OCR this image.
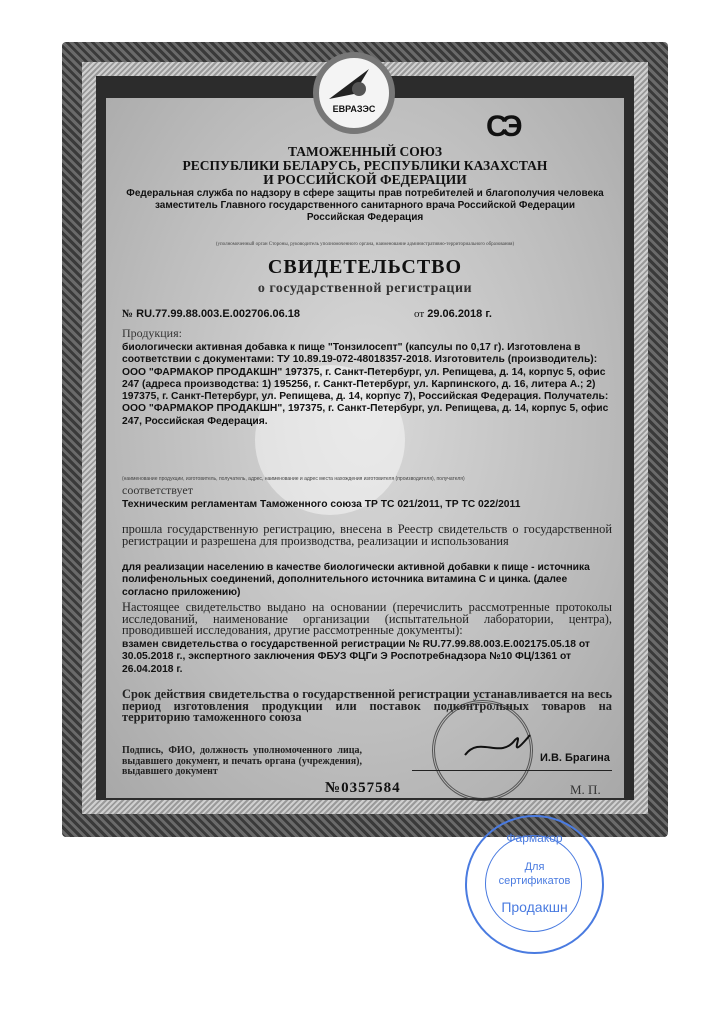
ЕВРАЗЭС
СЭ
ТАМОЖЕННЫЙ СОЮЗ
РЕСПУБЛИКИ БЕЛАРУСЬ, РЕСПУБЛИКИ КАЗАХСТАН
И РОССИЙСКОЙ ФЕДЕРАЦИИ
Федеральная служба по надзору в сфере защиты прав потребителей и благополучия человека
заместитель Главного государственного санитарного врача Российской Федерации
Российская Федерация
(уполномоченный орган Стороны, руководитель уполномоченного органа, наименование административно-территориального образования)
СВИДЕТЕЛЬСТВО
о государственной регистрации
№ RU.77.99.88.003.E.002706.06.18	от 29.06.2018 г.
Продукция:
биологически активная добавка к пище "Тонзилосепт" (капсулы по 0,17 г). Изготовлена в соответствии с документами: ТУ 10.89.19-072-48018357-2018. Изготовитель (производитель): ООО "ФАРМАКОР ПРОДАКШН" 197375, г. Санкт-Петербург, ул. Репищева, д. 14, корпус 5, офис 247 (адреса производства: 1) 195256, г. Санкт-Петербург, ул. Карпинского, д. 16, литера А.; 2) 197375, г. Санкт-Петербург, ул. Репищева, д. 14, корпус 7), Российская Федерация. Получатель: ООО "ФАРМАКОР ПРОДАКШН", 197375, г. Санкт-Петербург, ул. Репищева, д. 14, корпус 5, офис 247, Российская Федерация.
(наименование продукции, изготовитель, получатель, адрес, наименование и адрес места нахождения изготовителя (производителя), получателя)
соответствует
Техническим регламентам Таможенного союза ТР ТС 021/2011, ТР ТС 022/2011
прошла государственную регистрацию, внесена в Реестр свидетельств о государственной регистрации и разрешена для производства, реализации и использования
для реализации населению в качестве биологически активной добавки к пище - источника полифенольных соединений, дополнительного источника витамина С и цинка. (далее согласно приложению)
Настоящее свидетельство выдано на основании (перечислить рассмотренные протоколы исследований, наименование организации (испытательной лаборатории, центра), проводившей исследования, другие рассмотренные документы):
взамен свидетельства о государственной регистрации № RU.77.99.88.003.Е.002175.05.18 от 30.05.2018 г., экспертного заключения ФБУЗ ФЦГи Э Роспотребнадзора №10 ФЦ/1361 от 26.04.2018 г.
Срок действия свидетельства о государственной регистрации устанавливается на весь период изготовления продукции или поставок подконтрольных товаров на территорию таможенного союза
Подпись, ФИО, должность уполномоченного лица, выдавшего документ, и печать органа (учреждения), выдавшего документ
И.В. Брагина
М. П.
№0357584
Фармакор
Для
сертификатов
Продакшн
